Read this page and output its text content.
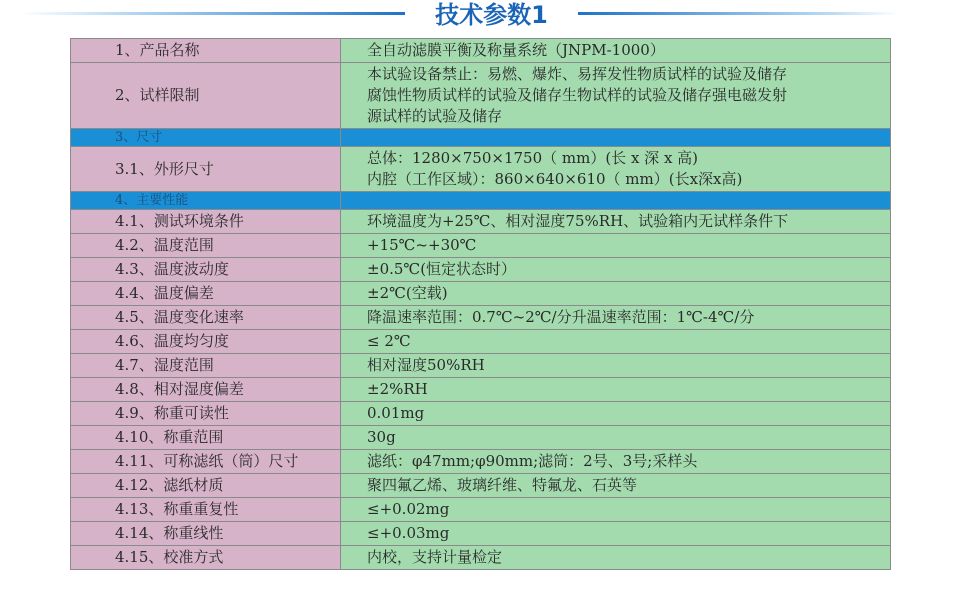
技术参数1
1、产品名称	全自动滤膜平衡及称量系统（JNPM-1000）
2、试样限制	本试验设备禁止：易燃、爆炸、易挥发性物质试样的试验及储存
腐蚀性物质试样的试验及储存生物试样的试验及储存强电磁发射
源试样的试验及储存

3、尺寸	
3.1、外形尺寸	总体：1280×750×1750（ mm）(长 x 深 x 高)
内腔（工作区域）：860×640×610（ mm）(长x深x高)

4、主要性能	
4.1、测试环境条件	环境温度为+25℃、相对湿度75%RH、试验箱内无试样条件下
4.2、温度范围	+15℃~+30℃
4.3、温度波动度	±0.5℃(恒定状态时）
4.4、温度偏差	±2℃(空载)
4.5、温度变化速率	降温速率范围：0.7℃~2℃/分升温速率范围：1℃-4℃/分
4.6、温度均匀度	≤ 2℃
4.7、湿度范围	相对湿度50%RH
4.8、相对湿度偏差	±2%RH
4.9、称重可读性	0.01mg
4.10、称重范围	30g
4.11、可称滤纸（筒）尺寸	滤纸：φ47mm;φ90mm;滤筒：2号、3号;采样头
4.12、滤纸材质	聚四氟乙烯、玻璃纤维、特氟龙、石英等
4.13、称重重复性	≤+0.02mg
4.14、称重线性	≤+0.03mg
4.15、校准方式	内校，支持计量检定
